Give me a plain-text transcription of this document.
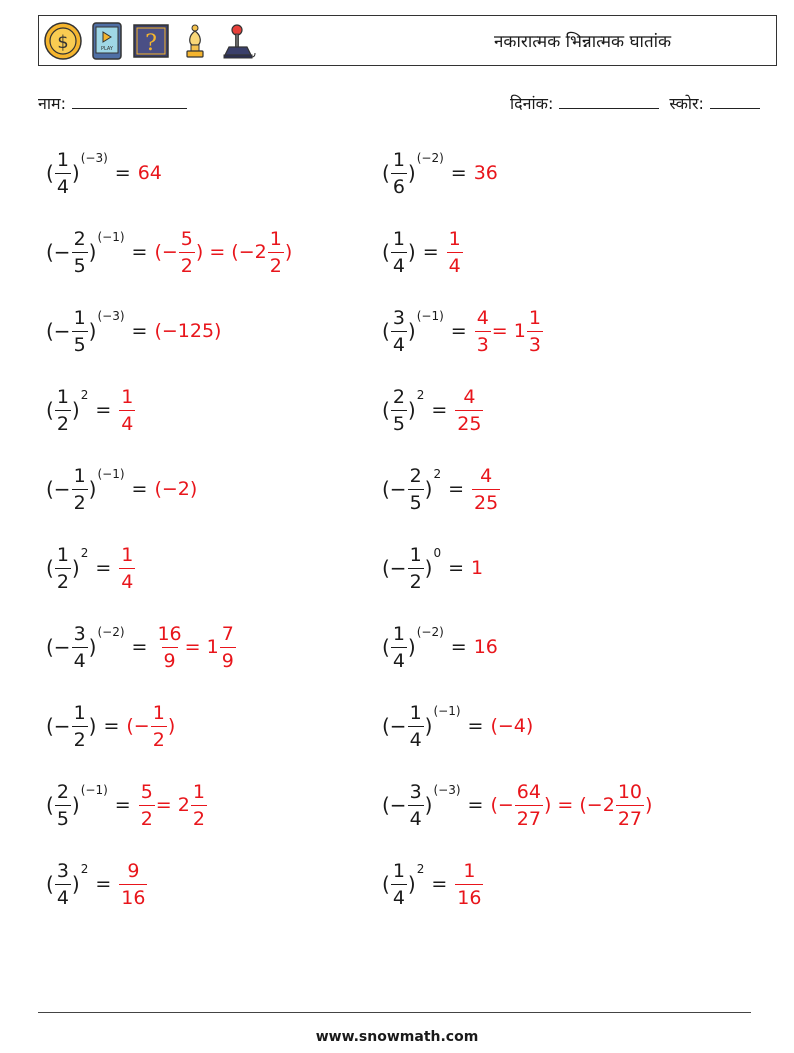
$	PLAY ?	नकारात्मक भिन्नात्मक घातांक
नाम:	दिनांक:	स्कोर:
( $\frac{1}{4}$ )
(−3)
= 64	( $\frac{1}{6}$ )
(−2)
= 36
(− $\frac{2}{5}$ )
(−1)
= (− $\frac{5}{2}$ ) = ($-2 \frac{1}{2}$ )	( $\frac{1}{4}$ ) = $\frac{1}{4}$
(− $\frac{1}{5}$ )
(−3)
= (−125)	( $\frac{3}{4}$ )
(−1)
= $\frac{4}{3} = 1 \frac{1}{3}$
( $\frac{1}{2}$ )
2
= $\frac{1}{4}$	( $\frac{2}{5}$ )
2
= $\frac{4}{25}$
(− $\frac{1}{2}$ )
(−1)
= (−2)	(− $\frac{2}{5}$ )
2
= $\frac{4}{25}$
( $\frac{1}{2}$ )
2
= $\frac{1}{4}$	(− $\frac{1}{2}$ )
0
= 1
(− $\frac{3}{4}$ )
(−2)
= $\frac{16}{9} = 1 \frac{7}{9}$	( $\frac{1}{4}$ )
(−2)
= 16
(− $\frac{1}{2}$ ) = (− $\frac{1}{2}$ )	(− $\frac{1}{4}$ )
(−1)
= (−4)
( $\frac{2}{5}$ )
(−1)
= $\frac{5}{2} = 2 \frac{1}{2}$	(− $\frac{3}{4}$ )
(−3)
= (− $\frac{64}{27}$ ) = ($-2 \frac{10}{27}$ )
( $\frac{3}{4}$ )
2
= $\frac{9}{16}$	( $\frac{1}{4}$ )
2
= $\frac{1}{16}$
www.snowmath.com
